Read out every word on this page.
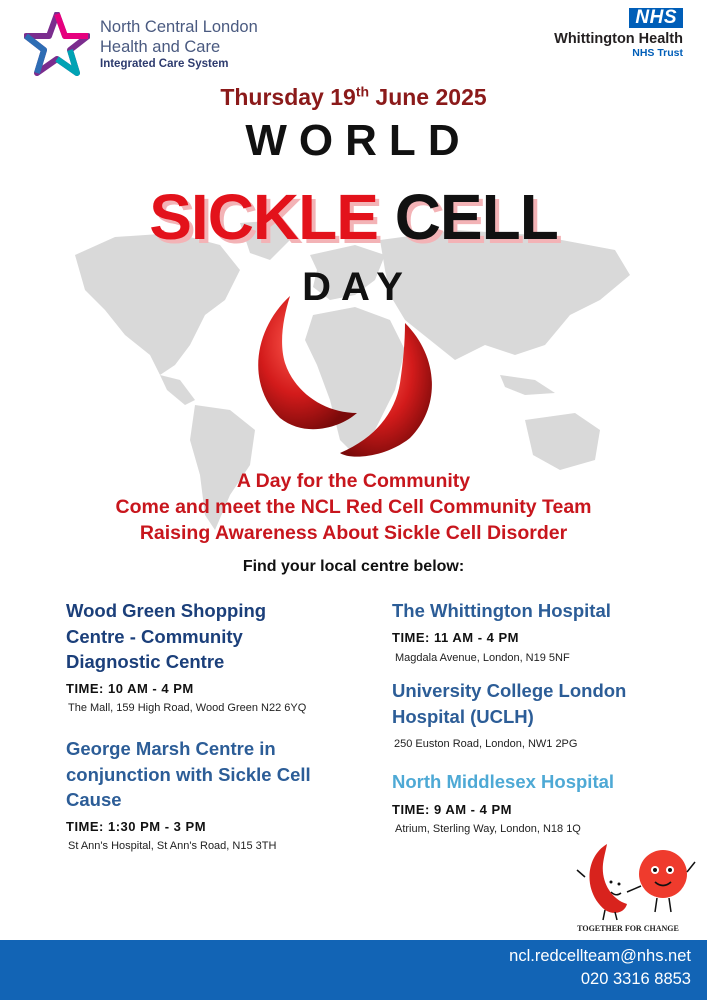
North Central London
Health and Care
Integrated Care System
NHS
Whittington Health
NHS Trust
Thursday 19th June 2025
WORLD
SICKLE CELL
DAY
A Day for the Community
Come and meet the NCL Red Cell Community Team
Raising Awareness About Sickle Cell Disorder
Find your local centre below:
Wood Green Shopping Centre - Community Diagnostic Centre
TIME: 10 AM - 4 PM
The Mall, 159 High Road, Wood Green N22 6YQ
George Marsh Centre in conjunction with Sickle Cell Cause
TIME: 1:30 PM - 3 PM
St Ann's Hospital, St Ann's Road, N15 3TH
The Whittington Hospital
TIME: 11 AM - 4 PM
Magdala Avenue, London, N19 5NF
University College London Hospital (UCLH)
250 Euston Road, London, NW1 2PG
North Middlesex Hospital
TIME: 9 AM - 4 PM
Atrium, Sterling Way, London, N18 1Q
TOGETHER FOR CHANGE
ncl.redcellteam@nhs.net
020 3316 8853
